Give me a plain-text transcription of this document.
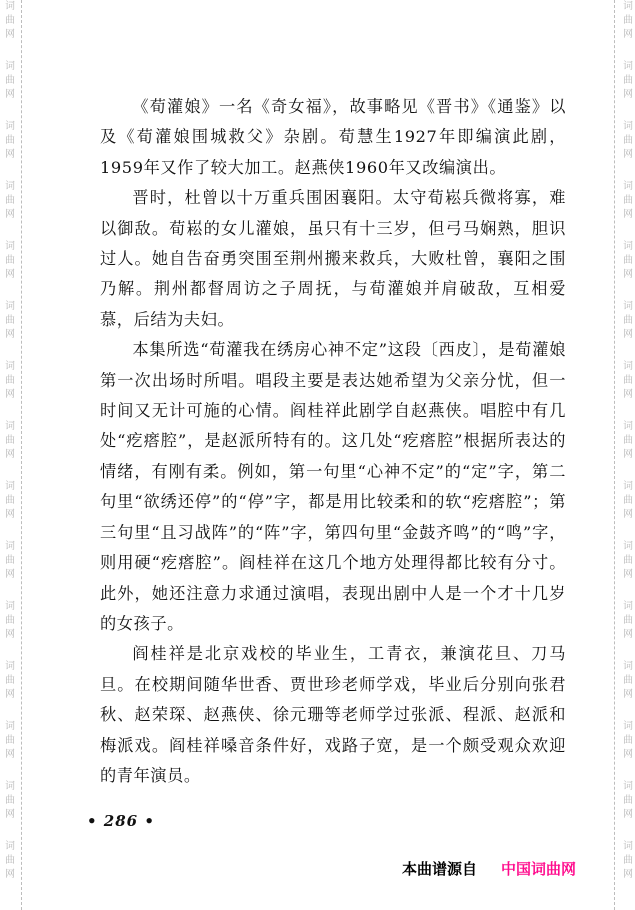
词
曲
网
词
曲
网
词
曲
网
词
曲
网
词
曲
网
词
曲
网
词
曲
网
词
曲
网
词
曲
网
词
曲
网
词
曲
网
词
曲
网
词
曲
网
词
曲
网
词
曲
网
词
曲
网
词
曲
网
词
曲
网
词
曲
网
词
曲
网
词
曲
网
词
曲
网
词
曲
网
词
曲
网
词
曲
网
词
曲
网
词
曲
网
词
曲
网
词
曲
网
词
曲
网

《荀灌娘》一名《奇女福》，故事略见《晋书》《通鉴》以及《荀灌娘围城救父》杂剧。荀慧生1927年即编演此剧，1959年又作了较大加工。赵燕侠1960年又改编演出。

晋时，杜曾以十万重兵围困襄阳。太守荀崧兵微将寡，难以御敌。荀崧的女儿灌娘，虽只有十三岁，但弓马娴熟，胆识过人。她自告奋勇突围至荆州搬来救兵，大败杜曾，襄阳之围乃解。荆州都督周访之子周抚，与荀灌娘并肩破敌，互相爱慕，后结为夫妇。

本集所选“荀灌我在绣房心神不定”这段〔西皮〕，是荀灌娘第一次出场时所唱。唱段主要是表达她希望为父亲分忧，但一时间又无计可施的心情。阎桂祥此剧学自赵燕侠。唱腔中有几处“疙瘩腔”，是赵派所特有的。这几处“疙瘩腔”根据所表达的情绪，有刚有柔。例如，第一句里“心神不定”的“定”字，第二句里“欲绣还停”的“停”字，都是用比较柔和的软“疙瘩腔”；第三句里“且习战阵”的“阵”字，第四句里“金鼓齐鸣”的“鸣”字，则用硬“疙瘩腔”。阎桂祥在这几个地方处理得都比较有分寸。此外，她还注意力求通过演唱，表现出剧中人是一个才十几岁的女孩子。

阎桂祥是北京戏校的毕业生，工青衣，兼演花旦、刀马旦。在校期间随华世香、贾世珍老师学戏，毕业后分别向张君秋、赵荣琛、赵燕侠、徐元珊等老师学过张派、程派、赵派和梅派戏。阎桂祥嗓音条件好，戏路子宽，是一个颇受观众欢迎的青年演员。

• 286 •
本曲谱源自 中国词曲网
